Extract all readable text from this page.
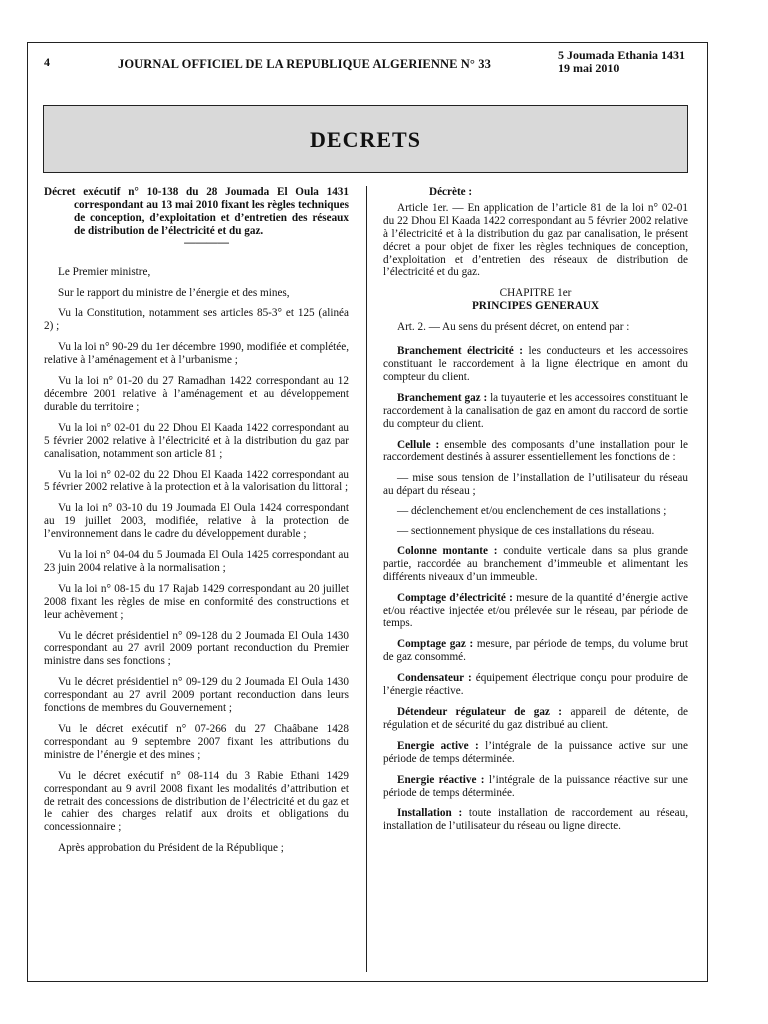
4	JOURNAL OFFICIEL DE LA REPUBLIQUE ALGERIENNE N° 33
5 Joumada Ethania 1431
19 mai 2010
DECRETS
Décret exécutif n° 10-138 du 28 Joumada El Oula 1431 correspondant au 13 mai 2010 fixant les règles techniques de conception, d’exploitation et d’entretien des réseaux de distribution de l’électricité et du gaz.
————
Le Premier ministre,
Sur le rapport du ministre de l’énergie et des mines,
Vu la Constitution, notamment ses articles 85-3° et 125 (alinéa 2) ;
Vu la loi n° 90-29 du 1er décembre 1990, modifiée et complétée, relative à l’aménagement et à l’urbanisme ;
Vu la loi n° 01-20 du 27 Ramadhan 1422 correspondant au 12 décembre 2001 relative à l’aménagement et au développement durable du territoire ;
Vu la loi n° 02-01 du 22 Dhou El Kaada 1422 correspondant au 5 février 2002 relative à l’électricité et à la distribution du gaz par canalisation, notamment son article 81 ;
Vu la loi n° 02-02 du 22 Dhou El Kaada 1422 correspondant au 5 février 2002 relative à la protection et à la valorisation du littoral ;
Vu la loi n° 03-10 du 19 Joumada El Oula 1424 correspondant au 19 juillet 2003, modifiée, relative à la protection de l’environnement dans le cadre du développement durable ;
Vu la loi n° 04-04 du 5 Joumada El Oula 1425 correspondant au 23 juin 2004 relative à la normalisation ;
Vu la loi n° 08-15 du 17 Rajab 1429 correspondant au 20 juillet 2008 fixant les règles de mise en conformité des constructions et leur achèvement ;
Vu le décret présidentiel n° 09-128 du 2 Joumada El Oula 1430 correspondant au 27 avril 2009 portant reconduction du Premier ministre dans ses fonctions ;
Vu le décret présidentiel n° 09-129 du 2 Joumada El Oula 1430 correspondant au 27 avril 2009 portant reconduction dans leurs fonctions de membres du Gouvernement ;
Vu le décret exécutif n° 07-266 du 27 Chaâbane 1428 correspondant au 9 septembre 2007 fixant les attributions du ministre de l’énergie et des mines ;
Vu le décret exécutif n° 08-114 du 3 Rabie Ethani 1429 correspondant au 9 avril 2008 fixant les modalités d’attribution et de retrait des concessions de distribution de l’électricité et du gaz et le cahier des charges relatif aux droits et obligations du concessionnaire ;
Après approbation du Président de la République ;
Décrète :
Article 1er. — En application de l’article 81 de la loi n° 02-01 du 22 Dhou El Kaada 1422 correspondant au 5 février 2002 relative à l’électricité et à la distribution du gaz par canalisation, le présent décret a pour objet de fixer les règles techniques de conception, d’exploitation et d’entretien des réseaux de distribution de l’électricité et du gaz.
CHAPITRE 1er
PRINCIPES GENERAUX
Art. 2. — Au sens du présent décret, on entend par :
Branchement électricité : les conducteurs et les accessoires constituant le raccordement à la ligne électrique en amont du compteur du client.
Branchement gaz : la tuyauterie et les accessoires constituant le raccordement à la canalisation de gaz en amont du raccord de sortie du compteur du client.
Cellule : ensemble des composants d’une installation pour le raccordement destinés à assurer essentiellement les fonctions de :
— mise sous tension de l’installation de l’utilisateur du réseau au départ du réseau ;
— déclenchement et/ou enclenchement de ces installations ;
— sectionnement physique de ces installations du réseau.
Colonne montante : conduite verticale dans sa plus grande partie, raccordée au branchement d’immeuble et alimentant les différents niveaux d’un immeuble.
Comptage d’électricité : mesure de la quantité d’énergie active et/ou réactive injectée et/ou prélevée sur le réseau, par période de temps.
Comptage gaz : mesure, par période de temps, du volume brut de gaz consommé.
Condensateur : équipement électrique conçu pour produire de l’énergie réactive.
Détendeur régulateur de gaz : appareil de détente, de régulation et de sécurité du gaz distribué au client.
Energie active : l’intégrale de la puissance active sur une période de temps déterminée.
Energie réactive : l’intégrale de la puissance réactive sur une période de temps déterminée.
Installation : toute installation de raccordement au réseau, installation de l’utilisateur du réseau ou ligne directe.
